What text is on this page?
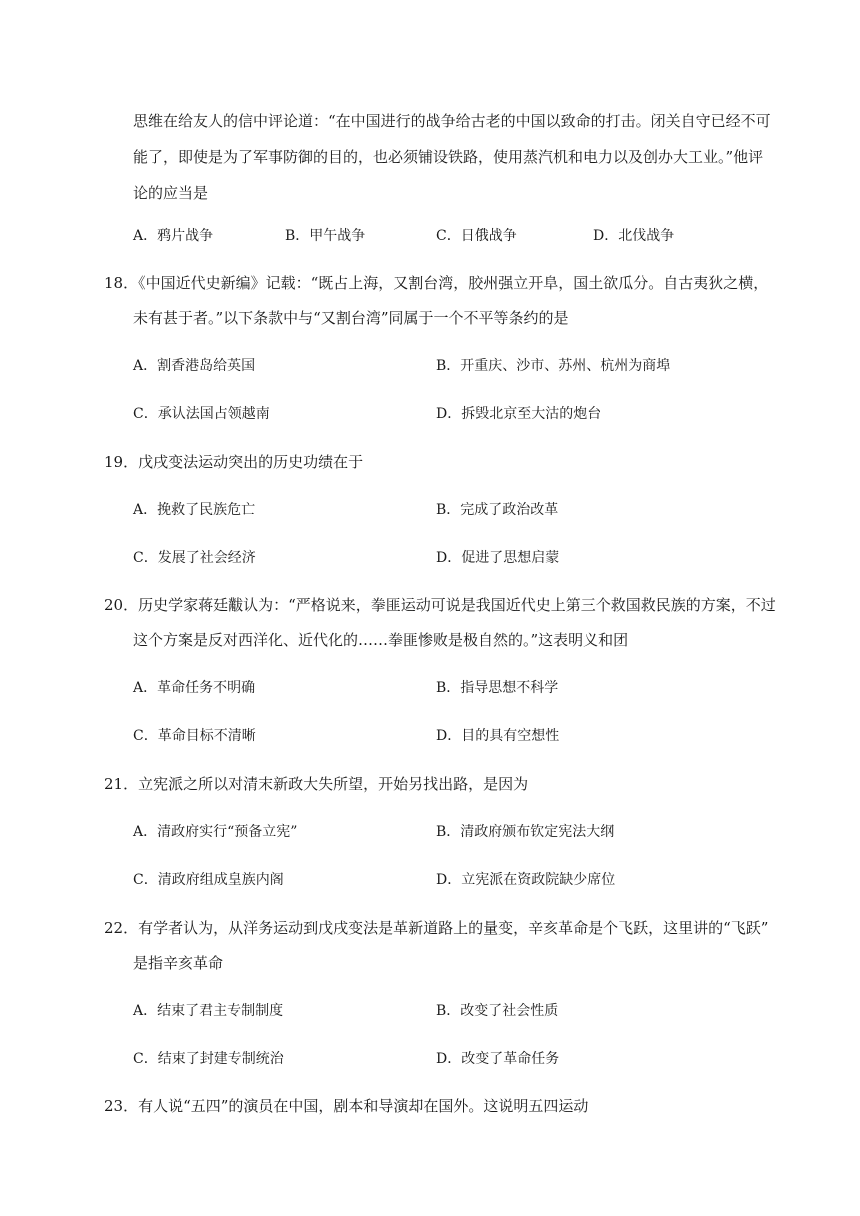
思维在给友人的信中评论道：“在中国进行的战争给古老的中国以致命的打击。闭关自守已经不可
能了，即使是为了军事防御的目的，也必须铺设铁路，使用蒸汽机和电力以及创办大工业。”他评
论的应当是
A．鸦片战争	B．甲午战争	C．日俄战争	D．北伐战争
18．《中国近代史新编》记载：“既占上海，又割台湾，胶州强立开阜，国土欲瓜分。自古夷狄之横，
未有甚于者。”以下条款中与“又割台湾”同属于一个不平等条约的是
A．割香港岛给英国	B．开重庆、沙市、苏州、杭州为商埠
C．承认法国占领越南	D．拆毁北京至大沽的炮台
19．戊戌变法运动突出的历史功绩在于
A．挽救了民族危亡	B．完成了政治改革
C．发展了社会经济	D．促进了思想启蒙
20．历史学家蒋廷黻认为：“严格说来，拳匪运动可说是我国近代史上第三个救国救民族的方案，不过
这个方案是反对西洋化、近代化的……拳匪惨败是极自然的。”这表明义和团
A．革命任务不明确	B．指导思想不科学
C．革命目标不清晰	D．目的具有空想性
21．立宪派之所以对清末新政大失所望，开始另找出路，是因为
A．清政府实行“预备立宪”	B．清政府颁布钦定宪法大纲
C．清政府组成皇族内阁	D．立宪派在资政院缺少席位
22．有学者认为，从洋务运动到戊戌变法是革新道路上的量变，辛亥革命是个飞跃，这里讲的“飞跃”
是指辛亥革命
A．结束了君主专制制度	B．改变了社会性质
C．结束了封建专制统治	D．改变了革命任务
23．有人说“五四”的演员在中国，剧本和导演却在国外。这说明五四运动
